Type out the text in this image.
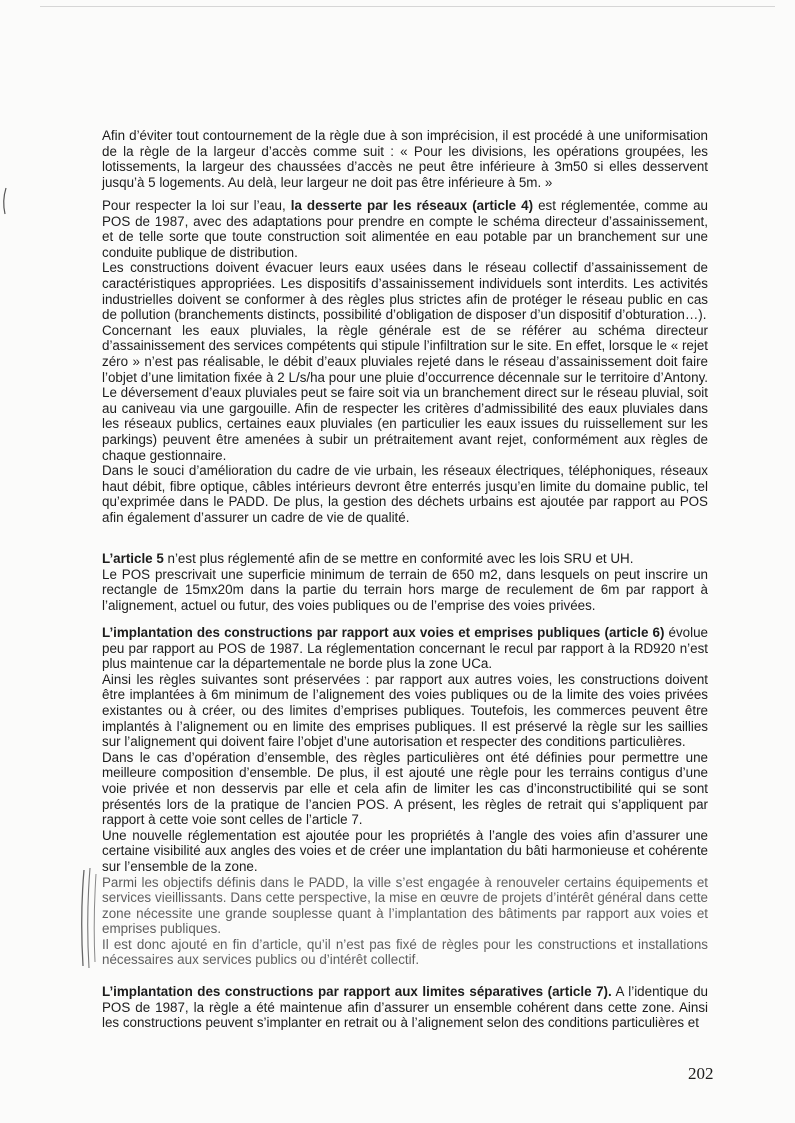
Afin d’éviter tout contournement de la règle due à son imprécision, il est procédé à une uniformisation de la règle de la largeur d’accès comme suit : « Pour les divisions, les opérations groupées, les lotissements, la largeur des chaussées d’accès ne peut être inférieure à 3m50 si elles desservent jusqu’à 5 logements. Au delà, leur largeur ne doit pas être inférieure à 5m. »

Pour respecter la loi sur l’eau, la desserte par les réseaux (article 4) est réglementée, comme au POS de 1987, avec des adaptations pour prendre en compte le schéma directeur d’assainissement, et de telle sorte que toute construction soit alimentée en eau potable par un branchement sur une conduite publique de distribution.

Les constructions doivent évacuer leurs eaux usées dans le réseau collectif d’assainissement de caractéristiques appropriées. Les dispositifs d’assainissement individuels sont interdits. Les activités industrielles doivent se conformer à des règles plus strictes afin de protéger le réseau public en cas de pollution (branchements distincts, possibilité d’obligation de disposer d’un dispositif d’obturation…).

Concernant les eaux pluviales, la règle générale est de se référer au schéma directeur d’assainissement des services compétents qui stipule l’infiltration sur le site. En effet, lorsque le « rejet zéro » n’est pas réalisable, le débit d’eaux pluviales rejeté dans le réseau d’assainissement doit faire l’objet d’une limitation fixée à 2 L/s/ha pour une pluie d’occurrence décennale sur le territoire d’Antony. Le déversement d’eaux pluviales peut se faire soit via un branchement direct sur le réseau pluvial, soit au caniveau via une gargouille. Afin de respecter les critères d’admissibilité des eaux pluviales dans les réseaux publics, certaines eaux pluviales (en particulier les eaux issues du ruissellement sur les parkings) peuvent être amenées à subir un prétraitement avant rejet, conformément aux règles de chaque gestionnaire.

Dans le souci d’amélioration du cadre de vie urbain, les réseaux électriques, téléphoniques, réseaux haut débit, fibre optique, câbles intérieurs devront être enterrés jusqu’en limite du domaine public, tel qu’exprimée dans le PADD. De plus, la gestion des déchets urbains est ajoutée par rapport au POS afin également d’assurer un cadre de vie de qualité.

L’article 5 n’est plus réglementé afin de se mettre en conformité avec les lois SRU et UH.

Le POS prescrivait une superficie minimum de terrain de 650 m2, dans lesquels on peut inscrire un rectangle de 15mx20m dans la partie du terrain hors marge de reculement de 6m par rapport à l’alignement, actuel ou futur, des voies publiques ou de l’emprise des voies privées.

L’implantation des constructions par rapport aux voies et emprises publiques (article 6) évolue peu par rapport au POS de 1987. La réglementation concernant le recul par rapport à la RD920 n’est plus maintenue car la départementale ne borde plus la zone UCa.

Ainsi les règles suivantes sont préservées : par rapport aux autres voies, les constructions doivent être implantées à 6m minimum de l’alignement des voies publiques ou de la limite des voies privées existantes ou à créer, ou des limites d’emprises publiques. Toutefois, les commerces peuvent être implantés à l’alignement ou en limite des emprises publiques. Il est préservé la règle sur les saillies sur l’alignement qui doivent faire l’objet d’une autorisation et respecter des conditions particulières.

Dans le cas d’opération d’ensemble, des règles particulières ont été définies pour permettre une meilleure composition d’ensemble. De plus, il est ajouté une règle pour les terrains contigus d’une voie privée et non desservis par elle et cela afin de limiter les cas d’inconstructibilité qui se sont présentés lors de la pratique de l’ancien POS. A présent, les règles de retrait qui s’appliquent par rapport à cette voie sont celles de l’article 7.

Une nouvelle réglementation est ajoutée pour les propriétés à l’angle des voies afin d’assurer une certaine visibilité aux angles des voies et de créer une implantation du bâti harmonieuse et cohérente sur l’ensemble de la zone.

Parmi les objectifs définis dans le PADD, la ville s’est engagée à renouveler certains équipements et services vieillissants. Dans cette perspective, la mise en œuvre de projets d’intérêt général dans cette zone nécessite une grande souplesse quant à l’implantation des bâtiments par rapport aux voies et emprises publiques.

Il est donc ajouté en fin d’article, qu’il n’est pas fixé de règles pour les constructions et installations nécessaires aux services publics ou d’intérêt collectif.

L’implantation des constructions par rapport aux limites séparatives (article 7). A l’identique du POS de 1987, la règle a été maintenue afin d’assurer un ensemble cohérent dans cette zone. Ainsi les constructions peuvent s’implanter en retrait ou à l’alignement selon des conditions particulières et

202
